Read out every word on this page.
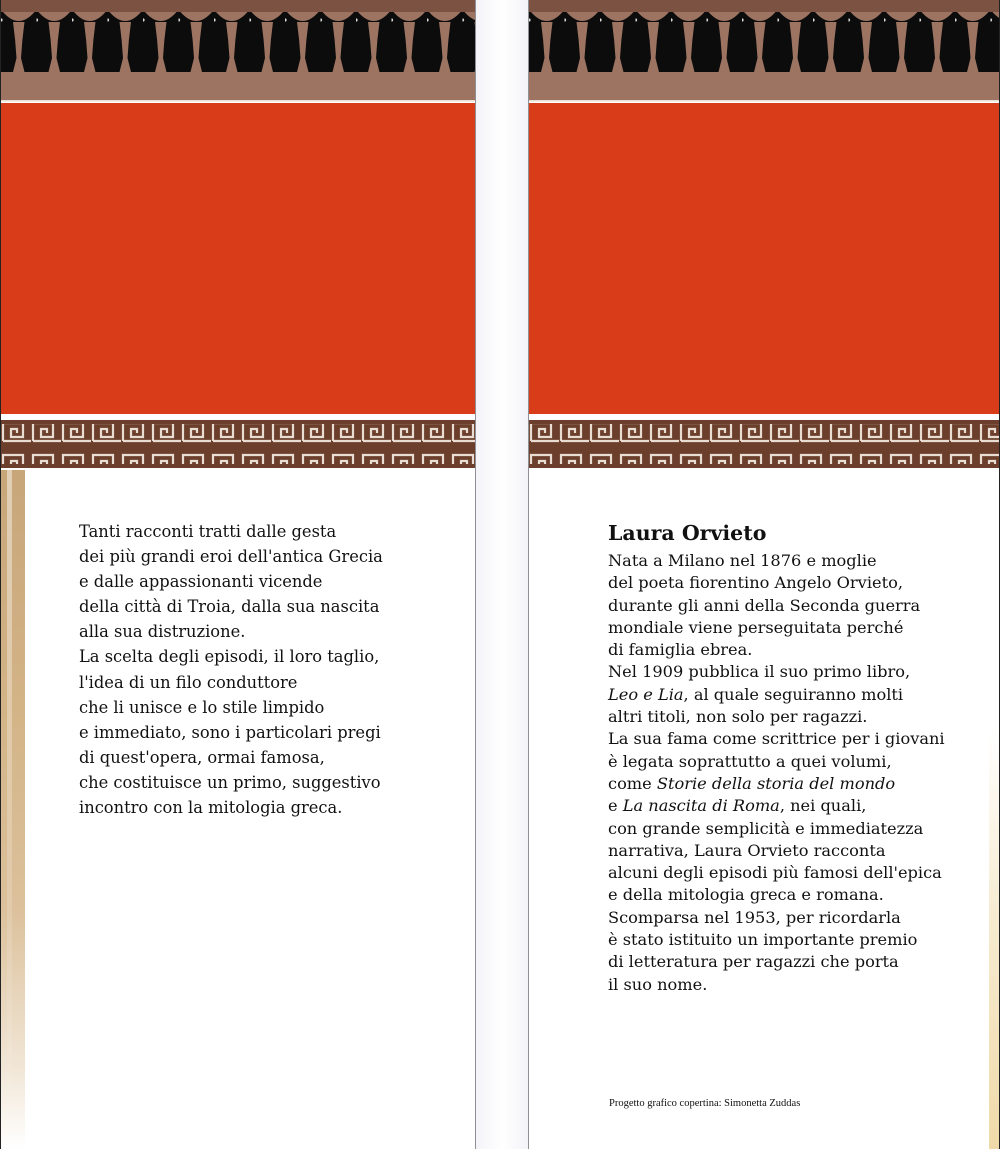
Tanti racconti tratti dalle gesta
dei più grandi eroi dell'antica Grecia
e dalle appassionanti vicende
della città di Troia, dalla sua nascita
alla sua distruzione.
La scelta degli episodi, il loro taglio,
l'idea di un filo conduttore
che li unisce e lo stile limpido
e immediato, sono i particolari pregi
di quest'opera, ormai famosa,
che costituisce un primo, suggestivo
incontro con la mitologia greca.

Laura Orvieto
Nata a Milano nel 1876 e moglie
del poeta fiorentino Angelo Orvieto,
durante gli anni della Seconda guerra
mondiale viene perseguitata perché
di famiglia ebrea.
Nel 1909 pubblica il suo primo libro,
Leo e Lia, al quale seguiranno molti
altri titoli, non solo per ragazzi.
La sua fama come scrittrice per i giovani
è legata soprattutto a quei volumi,
come Storie della storia del mondo
e La nascita di Roma, nei quali,
con grande semplicità e immediatezza
narrativa, Laura Orvieto racconta
alcuni degli episodi più famosi dell'epica
e della mitologia greca e romana.
Scomparsa nel 1953, per ricordarla
è stato istituito un importante premio
di letteratura per ragazzi che porta
il suo nome.
Progetto grafico copertina: Simonetta Zuddas
